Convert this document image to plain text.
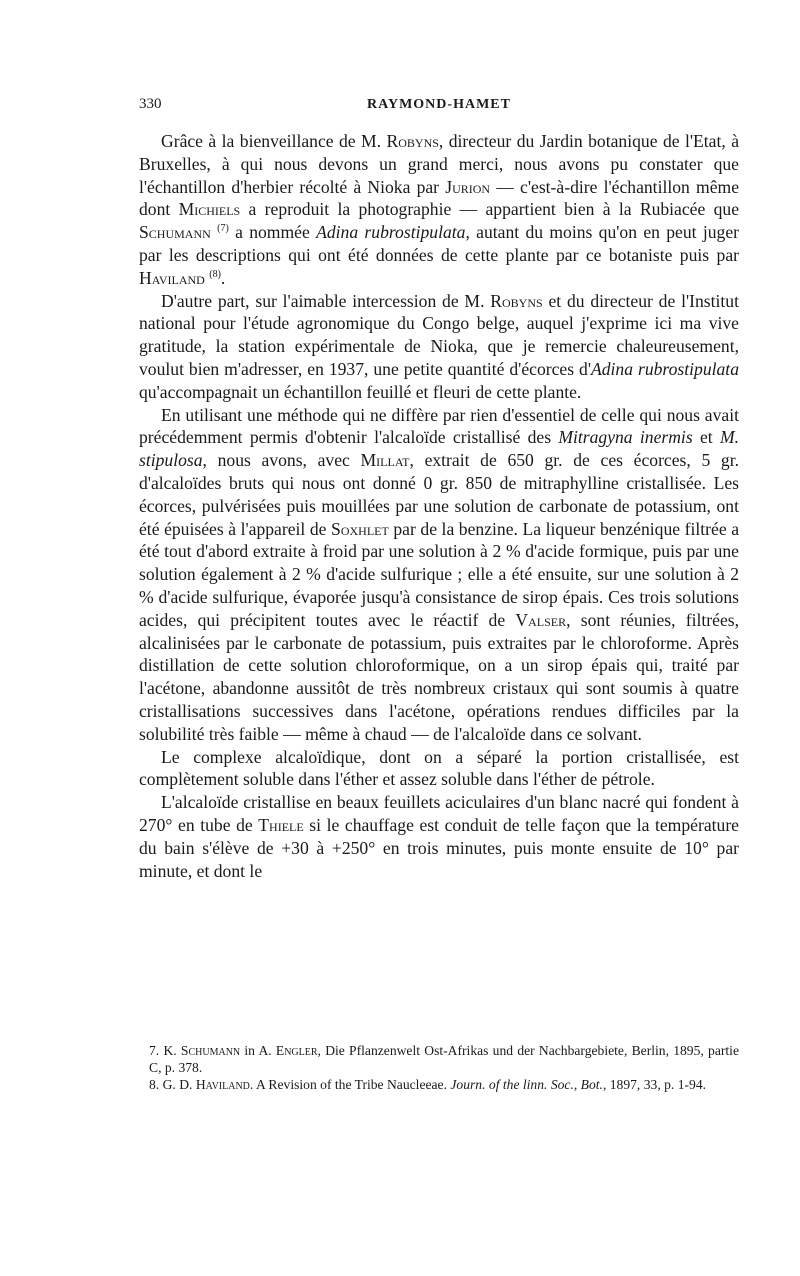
330	RAYMOND-HAMET

Grâce à la bienveillance de M. Robyns, directeur du Jardin botanique de l'Etat, à Bruxelles, à qui nous devons un grand merci, nous avons pu constater que l'échantillon d'herbier récolté à Nioka par Jurion — c'est-à-dire l'échantillon même dont Michiels a reproduit la photographie — appartient bien à la Rubiacée que Schumann $^{(7)}$ a nommée Adina rubrostipulata, autant du moins qu'on en peut juger par les descriptions qui ont été données de cette plante par ce botaniste puis par Haviland $^{(8)}$.

D'autre part, sur l'aimable intercession de M. Robyns et du directeur de l'Institut national pour l'étude agronomique du Congo belge, auquel j'exprime ici ma vive gratitude, la station expérimentale de Nioka, que je remercie chaleureusement, voulut bien m'adresser, en 1937, une petite quantité d'écorces d'Adina rubrostipulata qu'accompagnait un échantillon feuillé et fleuri de cette plante.

En utilisant une méthode qui ne diffère par rien d'essentiel de celle qui nous avait précédemment permis d'obtenir l'alcaloïde cristallisé des Mitragyna inermis et M. stipulosa, nous avons, avec Millat, extrait de 650 gr. de ces écorces, 5 gr. d'alcaloïdes bruts qui nous ont donné 0 gr. 850 de mitraphylline cristallisée. Les écorces, pulvérisées puis mouillées par une solution de carbonate de potassium, ont été épuisées à l'appareil de Soxhlet par de la benzine. La liqueur benzénique filtrée a été tout d'abord extraite à froid par une solution à 2 % d'acide formique, puis par une solution également à 2 % d'acide sulfurique ; elle a été ensuite, sur une solution à 2 % d'acide sulfurique, évaporée jusqu'à consistance de sirop épais. Ces trois solutions acides, qui précipitent toutes avec le réactif de Valser, sont réunies, filtrées, alcalinisées par le carbonate de potassium, puis extraites par le chloroforme. Après distillation de cette solution chloroformique, on a un sirop épais qui, traité par l'acétone, abandonne aussitôt de très nombreux cristaux qui sont soumis à quatre cristallisations successives dans l'acétone, opérations rendues difficiles par la solubilité très faible — même à chaud — de l'alcaloïde dans ce solvant.

Le complexe alcaloïdique, dont on a séparé la portion cristallisée, est complètement soluble dans l'éther et assez soluble dans l'éther de pétrole.

L'alcaloïde cristallise en beaux feuillets aciculaires d'un blanc nacré qui fondent à 270° en tube de Thiele si le chauffage est conduit de telle façon que la température du bain s'élève de +30 à +250° en trois minutes, puis monte ensuite de 10° par minute, et dont le

7. K. Schumann in A. Engler, Die Pflanzenwelt Ost-Afrikas und der Nachbargebiete, Berlin, 1895, partie C, p. 378.

8. G. D. Haviland. A Revision of the Tribe Naucleeae. Journ. of the linn. Soc., Bot., 1897, 33, p. 1-94.
